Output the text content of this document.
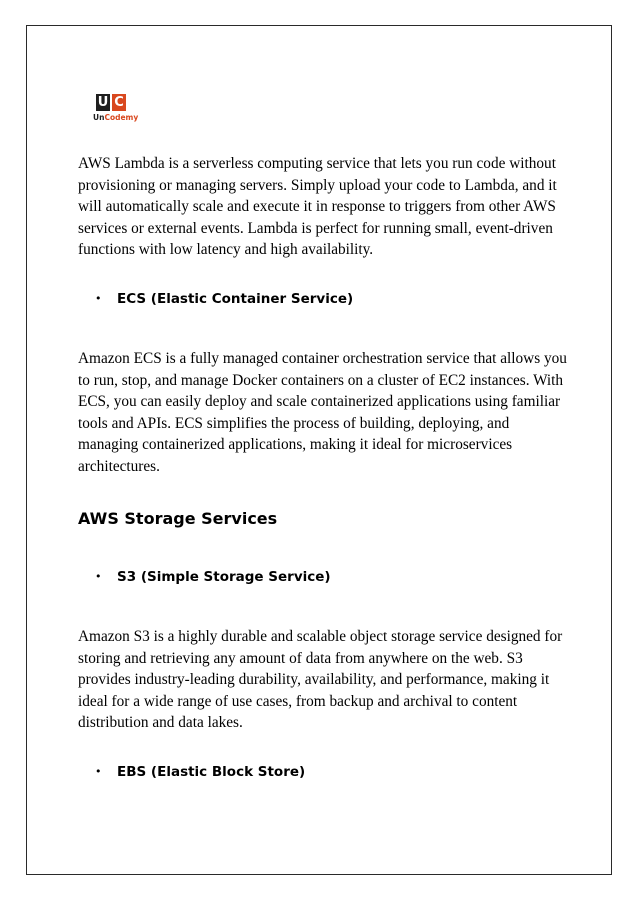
U C
UnCodemy

AWS Lambda is a serverless computing service that lets you run code without provisioning or managing servers. Simply upload your code to Lambda, and it will automatically scale and execute it in response to triggers from other AWS services or external events. Lambda is perfect for running small, event-driven functions with low latency and high availability.

• ECS (Elastic Container Service)

Amazon ECS is a fully managed container orchestration service that allows you to run, stop, and manage Docker containers on a cluster of EC2 instances. With ECS, you can easily deploy and scale containerized applications using familiar tools and APIs. ECS simplifies the process of building, deploying, and managing containerized applications, making it ideal for microservices architectures.

AWS Storage Services
• S3 (Simple Storage Service)

Amazon S3 is a highly durable and scalable object storage service designed for storing and retrieving any amount of data from anywhere on the web. S3 provides industry-leading durability, availability, and performance, making it ideal for a wide range of use cases, from backup and archival to content distribution and data lakes.

• EBS (Elastic Block Store)
